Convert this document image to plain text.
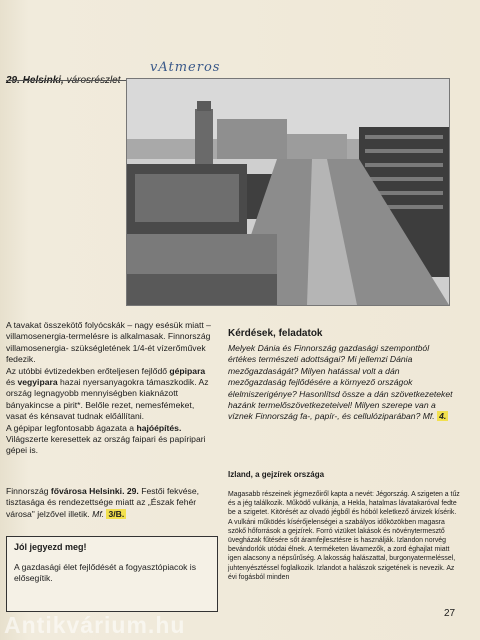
vAtmeros

A tavakat összekötő folyócskák – nagy esésük miatt – villamosenergia-termelésre is alkalmasak. Finnország villamosenergia- szükségletének 1/4-ét vízerőművek fedezik.

Az utóbbi évtizedekben erőteljesen fejlődő gépipara és vegyipara hazai nyersanyagokra támaszkodik. Az ország legnagyobb mennyiségben kiaknázott bányakincse a pirit*. Belőle rezet, nemesfémeket, vasat és kénsavat tudnak előállítani.

A gépipar legfontosabb ágazata a hajóépítés. Világszerte keresettek az ország faipari és papíripari gépei is.

Finnország fővárosa Helsinki. 29. Festői fekvése, tisztasága és rendezettsége miatt az „Észak fehér városa" jelzővel illetik. Mf. 3/B.
Jól jegyezd meg!
A gazdasági élet fejlődését a fogyasztópiacok is elősegítik.
Kérdések, feladatok
Melyek Dánia és Finnország gazdasági szempontból értékes természeti adottságai? Mi jellemzi Dánia mezőgazdaságát? Milyen hatással volt a dán mezőgazdaság fejlődésére a környező országok élelmiszerigénye? Hasonlítsd össze a dán szövetkezeteket hazánk termelőszövetkezeteivel! Milyen szerepe van a víznek Finnország fa-, papír-, és cellulóziparában? Mf. 4.
Izland, a gejzírek országa
Magasabb részeinek jégmezőiről kapta a nevét: Jégország. A szigeten a tűz és a jég találkozik. Működő vulkánja, a Hekla, hatalmas lávatakaróval fedte be a szigetet. Kitörését az olvadó jégből és hóból keletkező árvizek kísérik. A vulkáni működés kísérőjelenségei a szabályos időközökben magasra szökő hőforrások a gejzírek. Forró vizüket lakások és növénytermesztő üvegházak fűtésére sőt áramfejlesztésre is használják. Izlandon norvég bevándorlók utódai élnek. A terméketen lávamezők, a zord éghajlat miatt igen alacsony a népsűrűség. A lakosság halászattal, burgonyatermeléssel, juhtenyésztéssel foglalkozik. Izlandot a halászok szigetének is nevezik. Az évi fogásból minden
27
Antikvárium.hu
